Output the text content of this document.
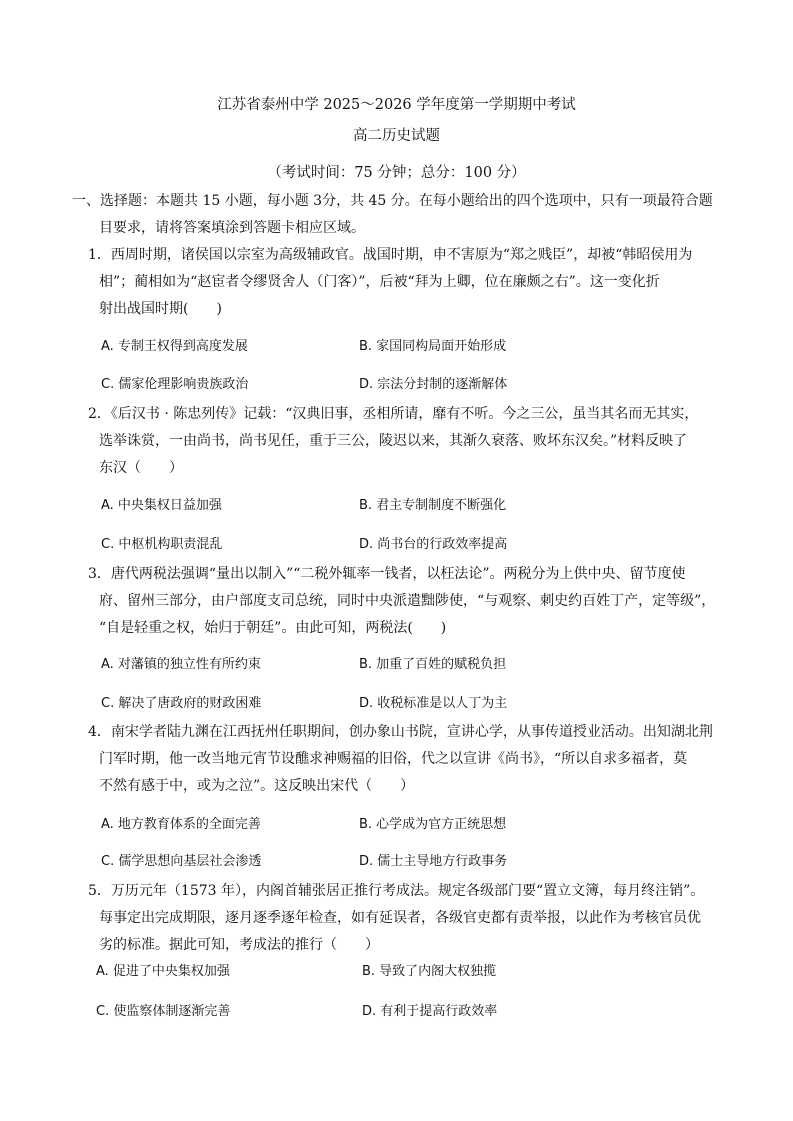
江苏省泰州中学 2025～2026 学年度第一学期期中考试
高二历史试题
（考试时间：75 分钟；总分：100 分）
一、选择题：本题共 15 小题，每小题 3分，共 45 分。在每小题给出的四个选项中，只有一项最符合题
目要求，请将答案填涂到答题卡相应区域。
1．西周时期，诸侯国以宗室为高级辅政官。战国时期，申不害原为“郑之贱臣”，却被“韩昭侯用为
相”；蔺相如为“赵宦者令缪贤舍人（门客）”，后被“拜为上卿，位在廉颇之右”。这一变化折
射出战国时期(　　)
A. 专制王权得到高度发展	B. 家国同构局面开始形成
C. 儒家伦理影响贵族政治	D. 宗法分封制的逐渐解体
2．《后汉书 · 陈忠列传》记载：“汉典旧事，丞相所请，靡有不听。今之三公，虽当其名而无其实，
选举诛赏，一由尚书，尚书见任，重于三公，陵迟以来，其渐久衰落、败坏东汉矣。”材料反映了
东汉（　　）
A. 中央集权日益加强	B. 君主专制制度不断强化
C. 中枢机构职责混乱	D. 尚书台的行政效率提高
3．唐代两税法强调“量出以制入”“二税外辄率一钱者，以枉法论”。两税分为上供中央、留节度使
府、留州三部分，由户部度支司总统，同时中央派遣黜陟使，“与观察、刺史约百姓丁产，定等级”，
“自是轻重之权，始归于朝廷”。由此可知，两税法(　　)
A. 对藩镇的独立性有所约束	B. 加重了百姓的赋税负担
C. 解决了唐政府的财政困难	D. 收税标准是以人丁为主
4．南宋学者陆九渊在江西抚州任职期间，创办象山书院，宣讲心学，从事传道授业活动。出知湖北荆
门军时期，他一改当地元宵节设醮求神赐福的旧俗，代之以宣讲《尚书》，“所以自求多福者，莫
不然有感于中，或为之泣”。这反映出宋代（　　）
A. 地方教育体系的全面完善	B. 心学成为官方正统思想
C. 儒学思想向基层社会渗透	D. 儒士主导地方行政事务
5．万历元年（1573 年），内阁首辅张居正推行考成法。规定各级部门要“置立文簿，每月终注销”。
每事定出完成期限，逐月逐季逐年检查，如有延误者，各级官吏都有责举报，以此作为考核官员优
劣的标准。据此可知，考成法的推行（　　）
A. 促进了中央集权加强	B. 导致了内阁大权独揽
C. 使监察体制逐渐完善	D. 有利于提高行政效率
